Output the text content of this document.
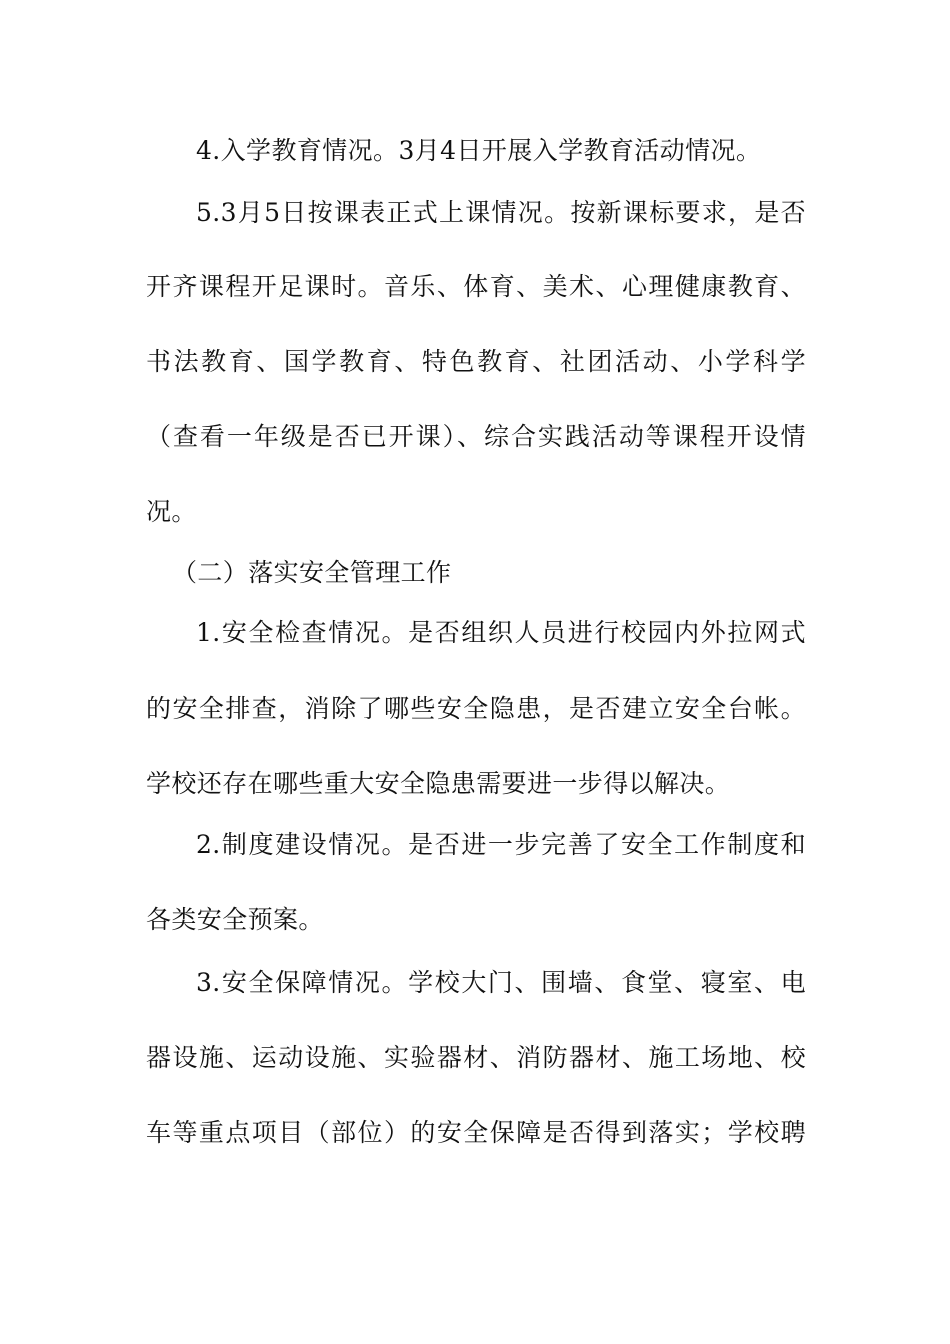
4.入学教育情况。3月4日开展入学教育活动情况。
5.3月5日按课表正式上课情况。按新课标要求，是否
开齐课程开足课时。音乐、体育、美术、心理健康教育、
书法教育、国学教育、特色教育、社团活动、小学科学
（查看一年级是否已开课）、综合实践活动等课程开设情
况。
（二）落实安全管理工作
1.安全检查情况。是否组织人员进行校园内外拉网式
的安全排查，消除了哪些安全隐患，是否建立安全台帐。
学校还存在哪些重大安全隐患需要进一步得以解决。
2.制度建设情况。是否进一步完善了安全工作制度和
各类安全预案。
3.安全保障情况。学校大门、围墙、食堂、寝室、电
器设施、运动设施、实验器材、消防器材、施工场地、校
车等重点项目（部位）的安全保障是否得到落实；学校聘
